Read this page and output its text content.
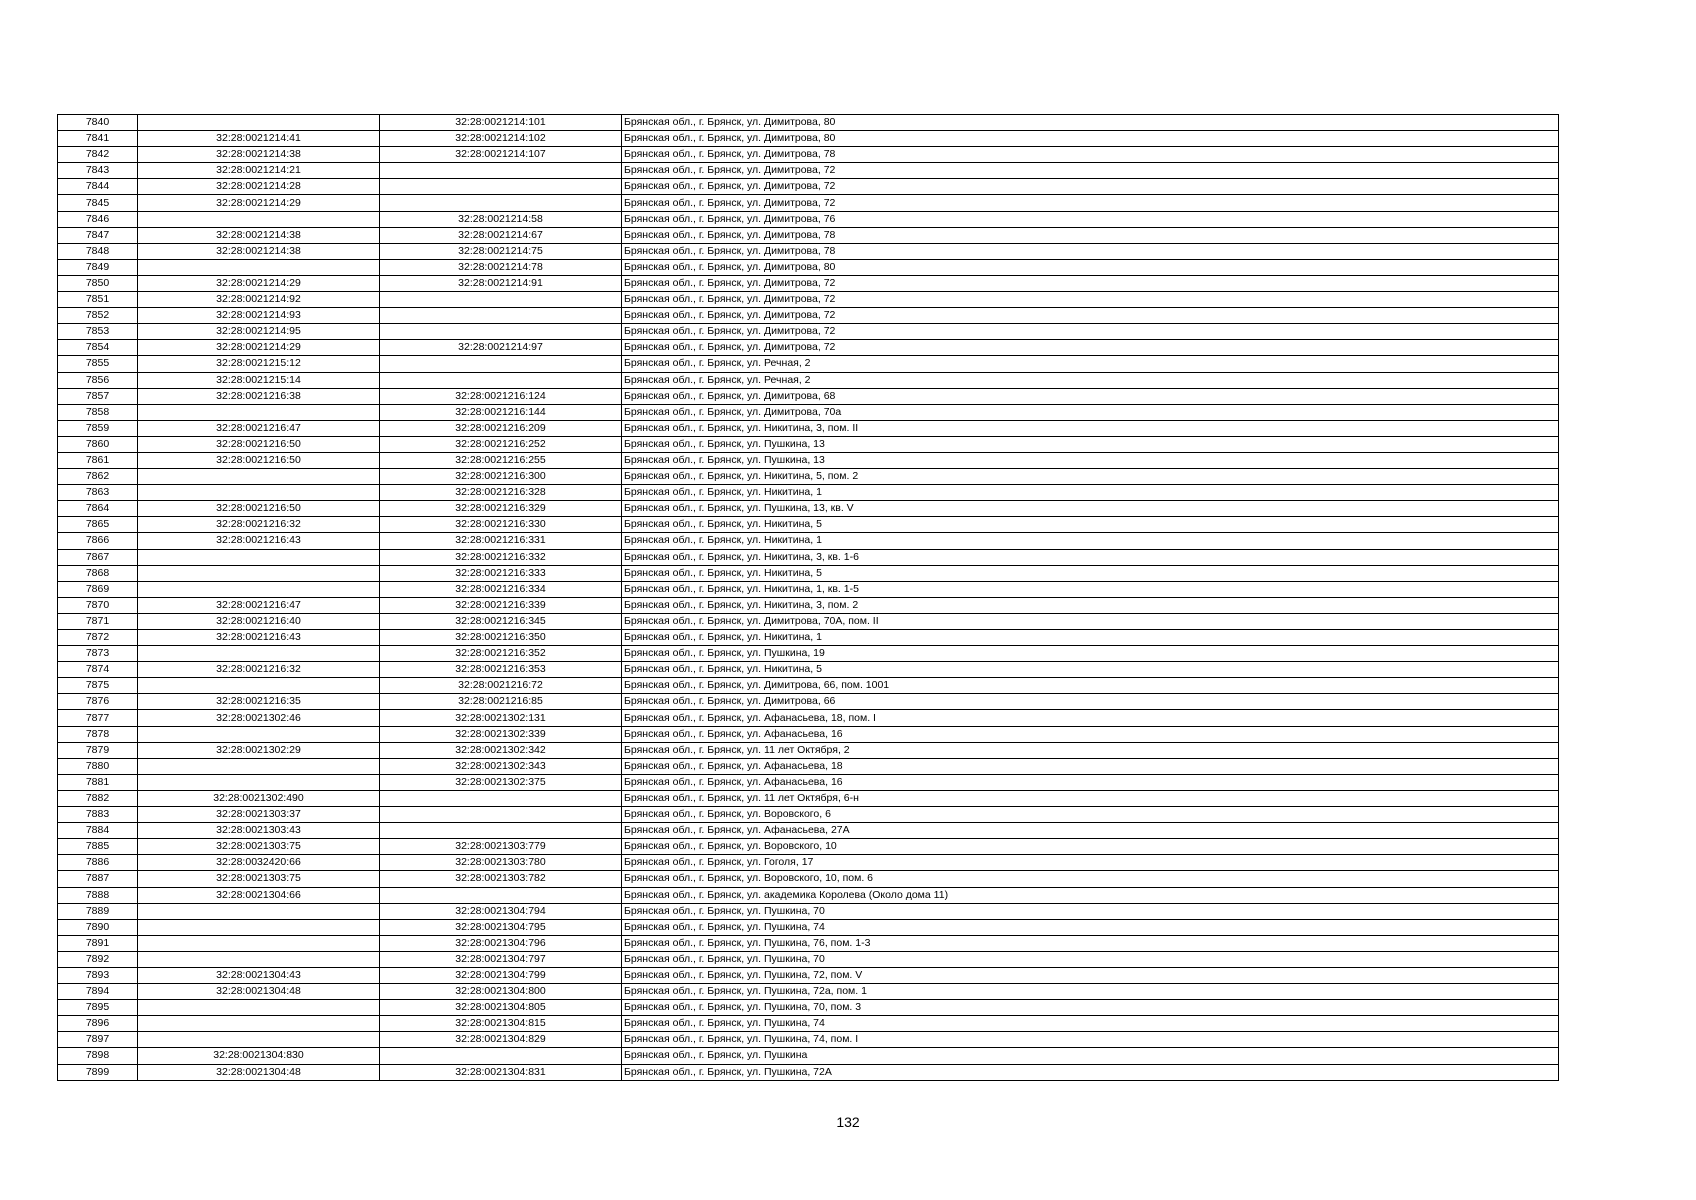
7840		32:28:0021214:101	Брянская обл., г. Брянск, ул. Димитрова, 80
7841	32:28:0021214:41	32:28:0021214:102	Брянская обл., г. Брянск, ул. Димитрова, 80
7842	32:28:0021214:38	32:28:0021214:107	Брянская обл., г. Брянск, ул. Димитрова, 78
7843	32:28:0021214:21		Брянская обл., г. Брянск, ул. Димитрова, 72
7844	32:28:0021214:28		Брянская обл., г. Брянск, ул. Димитрова, 72
7845	32:28:0021214:29		Брянская обл., г. Брянск, ул. Димитрова, 72
7846		32:28:0021214:58	Брянская обл., г. Брянск, ул. Димитрова, 76
7847	32:28:0021214:38	32:28:0021214:67	Брянская обл., г. Брянск, ул. Димитрова, 78
7848	32:28:0021214:38	32:28:0021214:75	Брянская обл., г. Брянск, ул. Димитрова, 78
7849		32:28:0021214:78	Брянская обл., г. Брянск, ул. Димитрова, 80
7850	32:28:0021214:29	32:28:0021214:91	Брянская обл., г. Брянск, ул. Димитрова, 72
7851	32:28:0021214:92		Брянская обл., г. Брянск, ул. Димитрова, 72
7852	32:28:0021214:93		Брянская обл., г. Брянск, ул. Димитрова, 72
7853	32:28:0021214:95		Брянская обл., г. Брянск, ул. Димитрова, 72
7854	32:28:0021214:29	32:28:0021214:97	Брянская обл., г. Брянск, ул. Димитрова, 72
7855	32:28:0021215:12		Брянская обл., г. Брянск, ул. Речная, 2
7856	32:28:0021215:14		Брянская обл., г. Брянск, ул. Речная, 2
7857	32:28:0021216:38	32:28:0021216:124	Брянская обл., г. Брянск, ул. Димитрова, 68
7858		32:28:0021216:144	Брянская обл., г. Брянск, ул. Димитрова, 70а
7859	32:28:0021216:47	32:28:0021216:209	Брянская обл., г. Брянск, ул. Никитина, 3, пом. II
7860	32:28:0021216:50	32:28:0021216:252	Брянская обл., г. Брянск, ул. Пушкина, 13
7861	32:28:0021216:50	32:28:0021216:255	Брянская обл., г. Брянск, ул. Пушкина, 13
7862		32:28:0021216:300	Брянская обл., г. Брянск, ул. Никитина, 5, пом. 2
7863		32:28:0021216:328	Брянская обл., г. Брянск, ул. Никитина, 1
7864	32:28:0021216:50	32:28:0021216:329	Брянская обл., г. Брянск, ул. Пушкина, 13, кв. V
7865	32:28:0021216:32	32:28:0021216:330	Брянская обл., г. Брянск, ул. Никитина, 5
7866	32:28:0021216:43	32:28:0021216:331	Брянская обл., г. Брянск, ул. Никитина, 1
7867		32:28:0021216:332	Брянская обл., г. Брянск, ул. Никитина, 3, кв. 1-6
7868		32:28:0021216:333	Брянская обл., г. Брянск, ул. Никитина, 5
7869		32:28:0021216:334	Брянская обл., г. Брянск, ул. Никитина, 1, кв. 1-5
7870	32:28:0021216:47	32:28:0021216:339	Брянская обл., г. Брянск, ул. Никитина, 3, пом. 2
7871	32:28:0021216:40	32:28:0021216:345	Брянская обл., г. Брянск, ул. Димитрова, 70А, пом. II
7872	32:28:0021216:43	32:28:0021216:350	Брянская обл., г. Брянск, ул. Никитина, 1
7873		32:28:0021216:352	Брянская обл., г. Брянск, ул. Пушкина, 19
7874	32:28:0021216:32	32:28:0021216:353	Брянская обл., г. Брянск, ул. Никитина, 5
7875		32:28:0021216:72	Брянская обл., г. Брянск, ул. Димитрова, 66, пом. 1001
7876	32:28:0021216:35	32:28:0021216:85	Брянская обл., г. Брянск, ул. Димитрова, 66
7877	32:28:0021302:46	32:28:0021302:131	Брянская обл., г. Брянск, ул. Афанасьева, 18, пом. I
7878		32:28:0021302:339	Брянская обл., г. Брянск, ул. Афанасьева, 16
7879	32:28:0021302:29	32:28:0021302:342	Брянская обл., г. Брянск, ул. 11 лет Октября, 2
7880		32:28:0021302:343	Брянская обл., г. Брянск, ул. Афанасьева, 18
7881		32:28:0021302:375	Брянская обл., г. Брянск, ул. Афанасьева, 16
7882	32:28:0021302:490		Брянская обл., г. Брянск, ул. 11 лет Октября, 6-н
7883	32:28:0021303:37		Брянская обл., г. Брянск, ул. Воровского, 6
7884	32:28:0021303:43		Брянская обл., г. Брянск, ул. Афанасьева, 27А
7885	32:28:0021303:75	32:28:0021303:779	Брянская обл., г. Брянск, ул. Воровского, 10
7886	32:28:0032420:66	32:28:0021303:780	Брянская обл., г. Брянск, ул. Гоголя, 17
7887	32:28:0021303:75	32:28:0021303:782	Брянская обл., г. Брянск, ул. Воровского, 10, пом. 6
7888	32:28:0021304:66		Брянская обл., г. Брянск, ул. академика Королева (Около дома 11)
7889		32:28:0021304:794	Брянская обл., г. Брянск, ул. Пушкина, 70
7890		32:28:0021304:795	Брянская обл., г. Брянск, ул. Пушкина, 74
7891		32:28:0021304:796	Брянская обл., г. Брянск, ул. Пушкина, 76, пом. 1-3
7892		32:28:0021304:797	Брянская обл., г. Брянск, ул. Пушкина, 70
7893	32:28:0021304:43	32:28:0021304:799	Брянская обл., г. Брянск, ул. Пушкина, 72, пом. V
7894	32:28:0021304:48	32:28:0021304:800	Брянская обл., г. Брянск, ул. Пушкина, 72а, пом. 1
7895		32:28:0021304:805	Брянская обл., г. Брянск, ул. Пушкина, 70, пом. 3
7896		32:28:0021304:815	Брянская обл., г. Брянск, ул. Пушкина, 74
7897		32:28:0021304:829	Брянская обл., г. Брянск, ул. Пушкина, 74, пом. I
7898	32:28:0021304:830		Брянская обл., г. Брянск, ул. Пушкина
7899	32:28:0021304:48	32:28:0021304:831	Брянская обл., г. Брянск, ул. Пушкина, 72А
132
